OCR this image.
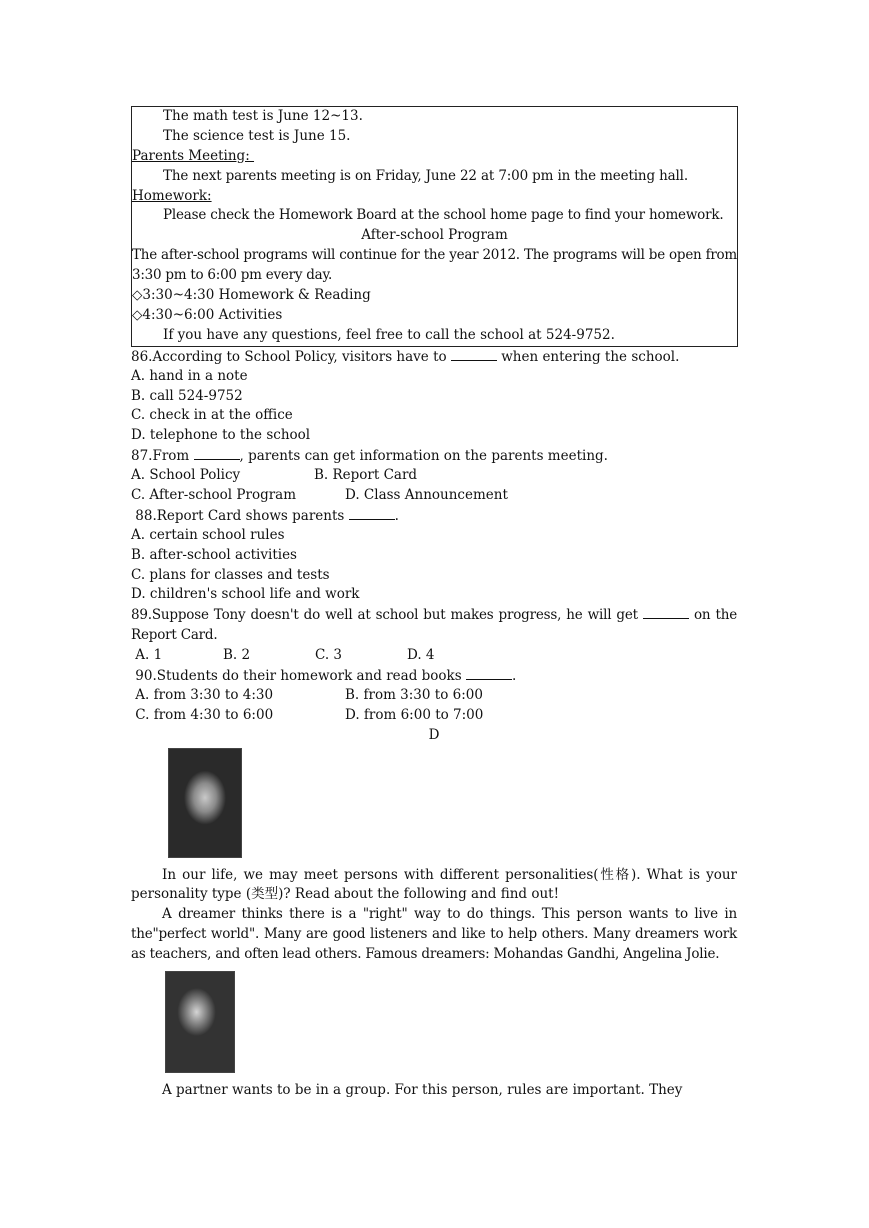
The math test is June 12~13.
The science test is June 15.
Parents Meeting:
The next parents meeting is on Friday, June 22 at 7:00 pm in the meeting hall.
Homework:
Please check the Homework Board at the school home page to find your homework.
After-school Program
The after-school programs will continue for the year 2012. The programs will be open from 3:30 pm to 6:00 pm every day.
◇3:30~4:30 Homework & Reading
◇4:30~6:00 Activities
If you have any questions, feel free to call the school at 524-9752.
86.According to School Policy, visitors have to	when entering the school.
A. hand in a note
B. call 524-9752
C. check in at the office
D. telephone to the school
87.From	, parents can get information on the parents meeting.
A. School Policy	B. Report Card
C. After-school Program	D. Class Announcement
88.Report Card shows parents	.
A. certain school rules
B. after-school activities
C. plans for classes and tests
D. children's school life and work
89.Suppose Tony doesn't do well at school but makes progress, he will get	on the Report Card.
A. 1	B. 2	C. 3	D. 4
90.Students do their homework and read books	.
A. from 3:30 to 4:30	B. from 3:30 to 6:00
C. from 4:30 to 6:00	D. from 6:00 to 7:00
D

In our life, we may meet persons with different personalities(性格). What is your personality type (类型)? Read about the following and find out!

A dreamer thinks there is a "right" way to do things. This person wants to live in the"perfect world". Many are good listeners and like to help others. Many dreamers work as teachers, and often lead others. Famous dreamers: Mohandas Gandhi, Angelina Jolie.

A partner wants to be in a group. For this person, rules are important. They
